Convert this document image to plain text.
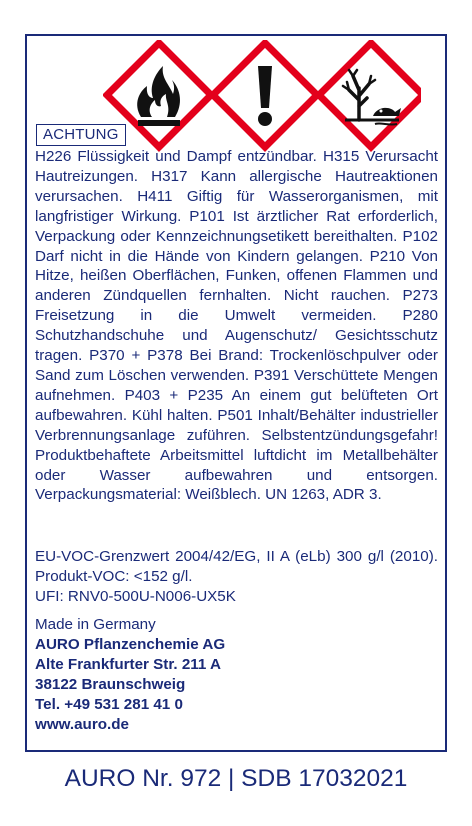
ACHTUNG

H226 Flüssigkeit und Dampf entzündbar. H315 Verursacht Hautreizungen. H317 Kann allergische Hautreaktionen verursachen. H411 Giftig für Wasserorganismen, mit langfristiger Wirkung. P101 Ist ärztlicher Rat erforderlich, Verpackung oder Kennzeichnungsetikett bereithalten. P102 Darf nicht in die Hände von Kindern gelangen. P210 Von Hitze, heißen Oberflächen, Funken, offenen Flammen und anderen Zündquellen fernhalten. Nicht rauchen. P273 Freisetzung in die Umwelt vermeiden. P280 Schutzhandschuhe und Augenschutz/ Gesichtsschutz tragen. P370 + P378 Bei Brand: Trockenlöschpulver oder Sand zum Löschen verwenden. P391 Verschüttete Mengen aufnehmen. P403 + P235 An einem gut belüfteten Ort aufbewahren. Kühl halten. P501 Inhalt/Behälter industrieller Verbrennungsanlage zuführen. Selbstentzündungsgefahr! Produktbehaftete Arbeitsmittel luftdicht im Metallbehälter oder Wasser aufbewahren und entsorgen. Verpackungsmaterial: Weißblech. UN 1263, ADR 3.

EU-VOC-Grenzwert 2004/42/EG, II A (eLb) 300 g/l (2010). Produkt-VOC: <152 g/l.
UFI: RNV0-500U-N006-UX5K

Made in Germany
AURO Pflanzenchemie AG
Alte Frankfurter Str. 211 A
38122 Braunschweig
Tel. +49 531 281 41 0
www.auro.de
AURO Nr. 972 | SDB 17032021
